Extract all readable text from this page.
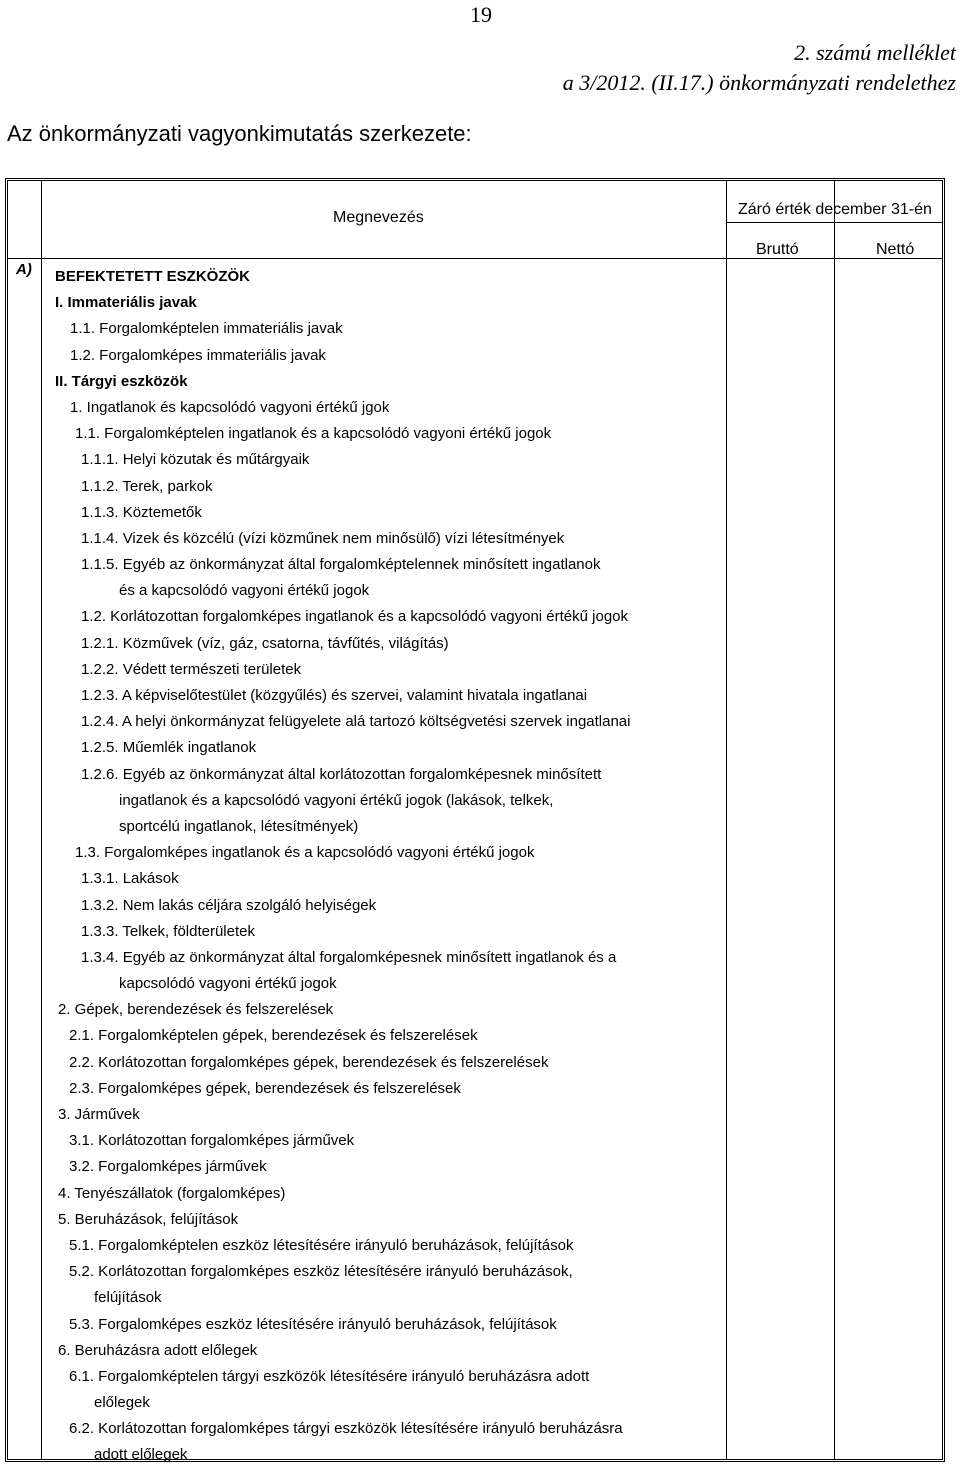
19
2. számú melléklet
a 3/2012. (II.17.) önkormányzati rendelethez
Az önkormányzati vagyonkimutatás szerkezete:
Megnevezés	Záró érték december 31-én
Bruttó	Nettó
A)	BEFEKTETETT ESZKÖZÖK
I. Immateriális javak
1.1. Forgalomképtelen immateriális javak
1.2. Forgalomképes immateriális javak
II. Tárgyi eszközök
1. Ingatlanok és kapcsolódó vagyoni értékű jgok
1.1. Forgalomképtelen ingatlanok és a kapcsolódó vagyoni értékű jogok
1.1.1. Helyi közutak és műtárgyaik
1.1.2. Terek, parkok
1.1.3. Köztemetők
1.1.4. Vizek és közcélú (vízi közműnek nem minősülő) vízi létesítmények
1.1.5. Egyéb az önkormányzat által forgalomképtelennek minősített ingatlanok
és a kapcsolódó vagyoni értékű jogok
1.2. Korlátozottan forgalomképes ingatlanok és a kapcsolódó vagyoni értékű jogok
1.2.1. Közművek (víz, gáz, csatorna, távfűtés, világítás)
1.2.2. Védett természeti területek
1.2.3. A képviselőtestület (közgyűlés) és szervei, valamint hivatala ingatlanai
1.2.4. A helyi önkormányzat felügyelete alá tartozó költségvetési szervek ingatlanai
1.2.5. Műemlék ingatlanok
1.2.6. Egyéb az önkormányzat által korlátozottan forgalomképesnek minősített
ingatlanok és a kapcsolódó vagyoni értékű jogok (lakások, telkek,
sportcélú ingatlanok, létesítmények)
1.3. Forgalomképes ingatlanok és a kapcsolódó vagyoni értékű jogok
1.3.1. Lakások
1.3.2. Nem lakás céljára szolgáló helyiségek
1.3.3. Telkek, földterületek
1.3.4. Egyéb az önkormányzat által forgalomképesnek minősített ingatlanok és a
kapcsolódó vagyoni értékű jogok
2. Gépek, berendezések és felszerelések
2.1. Forgalomképtelen gépek, berendezések és felszerelések
2.2. Korlátozottan forgalomképes gépek, berendezések és felszerelések
2.3. Forgalomképes gépek, berendezések és felszerelések
3. Járművek
3.1. Korlátozottan forgalomképes járművek
3.2. Forgalomképes járművek
4. Tenyészállatok (forgalomképes)
5. Beruházások, felújítások
5.1. Forgalomképtelen eszköz létesítésére irányuló beruházások, felújítások
5.2. Korlátozottan forgalomképes eszköz létesítésére irányuló beruházások,
felújítások
5.3. Forgalomképes eszköz létesítésére irányuló beruházások, felújítások
6. Beruházásra adott előlegek
6.1. Forgalomképtelen tárgyi eszközök létesítésére irányuló beruházásra adott
előlegek
6.2. Korlátozottan forgalomképes tárgyi eszközök létesítésére irányuló beruházásra
adott előlegek
